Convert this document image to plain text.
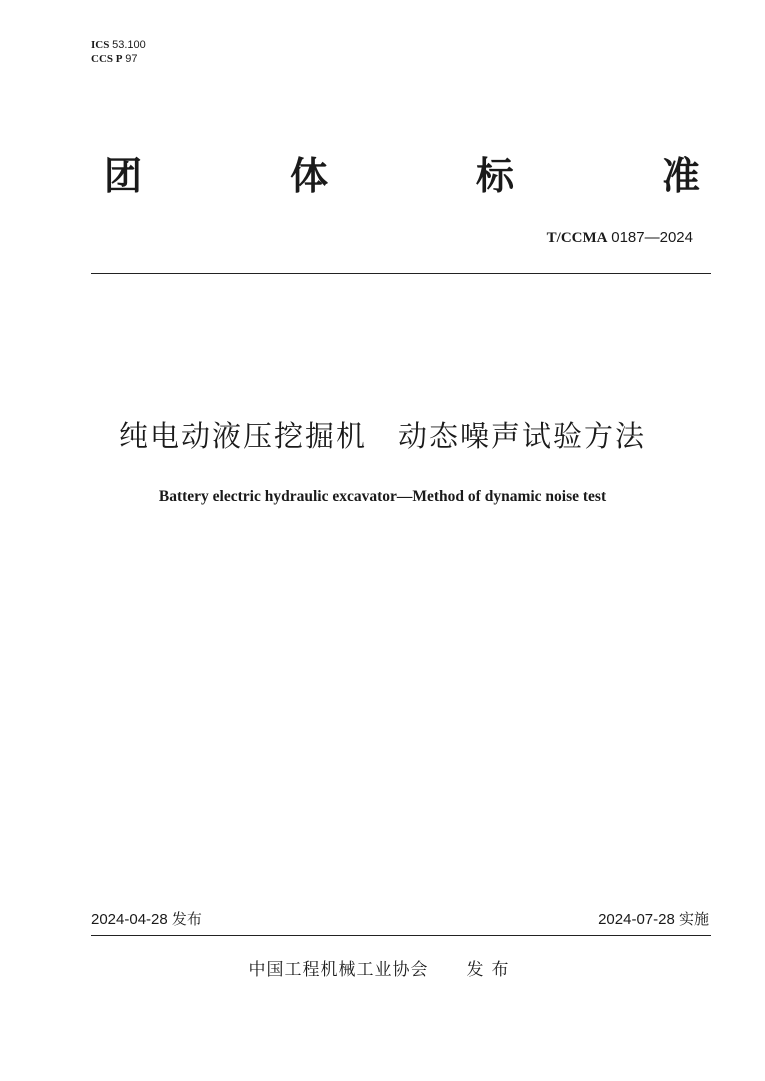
ICS 53.100
CCS P 97
团	体	标	准
T/CCMA 0187—2024
纯电动液压挖掘机　动态噪声试验方法
Battery electric hydraulic excavator—Method of dynamic noise test
2024-04-28 发布	2024-07-28 实施
中国工程机械工业协会 发布
